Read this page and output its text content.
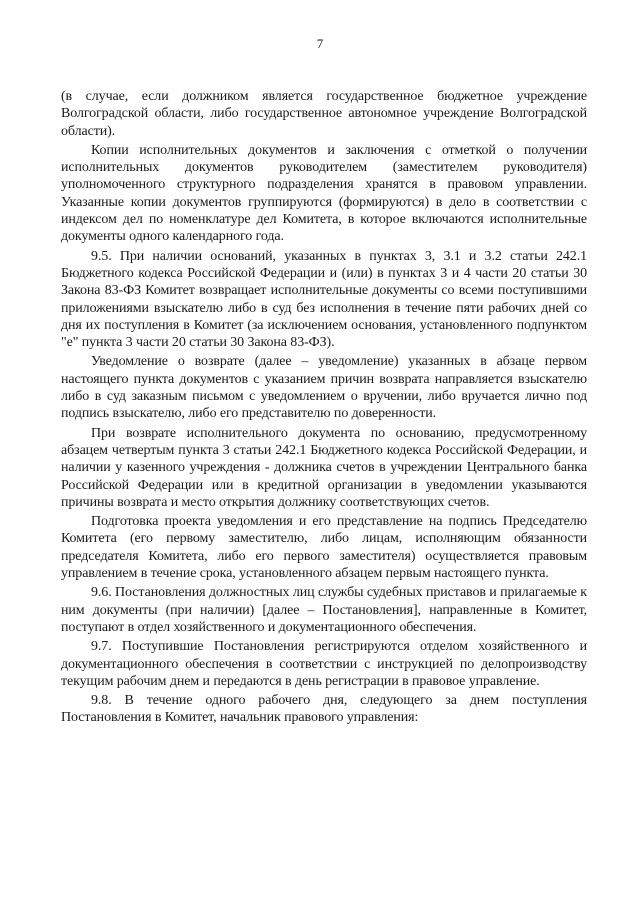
7

(в случае, если должником является государственное бюджетное учреждение Волгоградской области, либо государственное автономное учреждение Волгоградской области).

Копии исполнительных документов и заключения с отметкой о получении исполнительных документов руководителем (заместителем руководителя) уполномоченного структурного подразделения хранятся в правовом управлении. Указанные копии документов группируются (формируются) в дело в соответствии с индексом дел по номенклатуре дел Комитета, в которое включаются исполнительные документы одного календарного года.

9.5. При наличии оснований, указанных в пунктах 3, 3.1 и 3.2 статьи 242.1 Бюджетного кодекса Российской Федерации и (или) в пунктах 3 и 4 части 20 статьи 30 Закона 83-ФЗ Комитет возвращает исполнительные документы со всеми поступившими приложениями взыскателю либо в суд без исполнения в течение пяти рабочих дней со дня их поступления в Комитет (за исключением основания, установленного подпунктом "е" пункта 3 части 20 статьи 30 Закона 83-ФЗ).

Уведомление о возврате (далее – уведомление) указанных в абзаце первом настоящего пункта документов с указанием причин возврата направляется взыскателю либо в суд заказным письмом с уведомлением о вручении, либо вручается лично под подпись взыскателю, либо его представителю по доверенности.

При возврате исполнительного документа по основанию, предусмотренному абзацем четвертым пункта 3 статьи 242.1 Бюджетного кодекса Российской Федерации, и наличии у казенного учреждения - должника счетов в учреждении Центрального банка Российской Федерации или в кредитной организации в уведомлении указываются причины возврата и место открытия должнику соответствующих счетов.

Подготовка проекта уведомления и его представление на подпись Председателю Комитета (его первому заместителю, либо лицам, исполняющим обязанности председателя Комитета, либо его первого заместителя) осуществляется правовым управлением в течение срока, установленного абзацем первым настоящего пункта.

9.6. Постановления должностных лиц службы судебных приставов и прилагаемые к ним документы (при наличии) [далее – Постановления], направленные в Комитет, поступают в отдел хозяйственного и документационного обеспечения.

9.7. Поступившие Постановления регистрируются отделом хозяйственного и документационного обеспечения в соответствии с инструкцией по делопроизводству текущим рабочим днем и передаются в день регистрации в правовое управление.

9.8. В течение одного рабочего дня, следующего за днем поступления Постановления в Комитет, начальник правового управления:
